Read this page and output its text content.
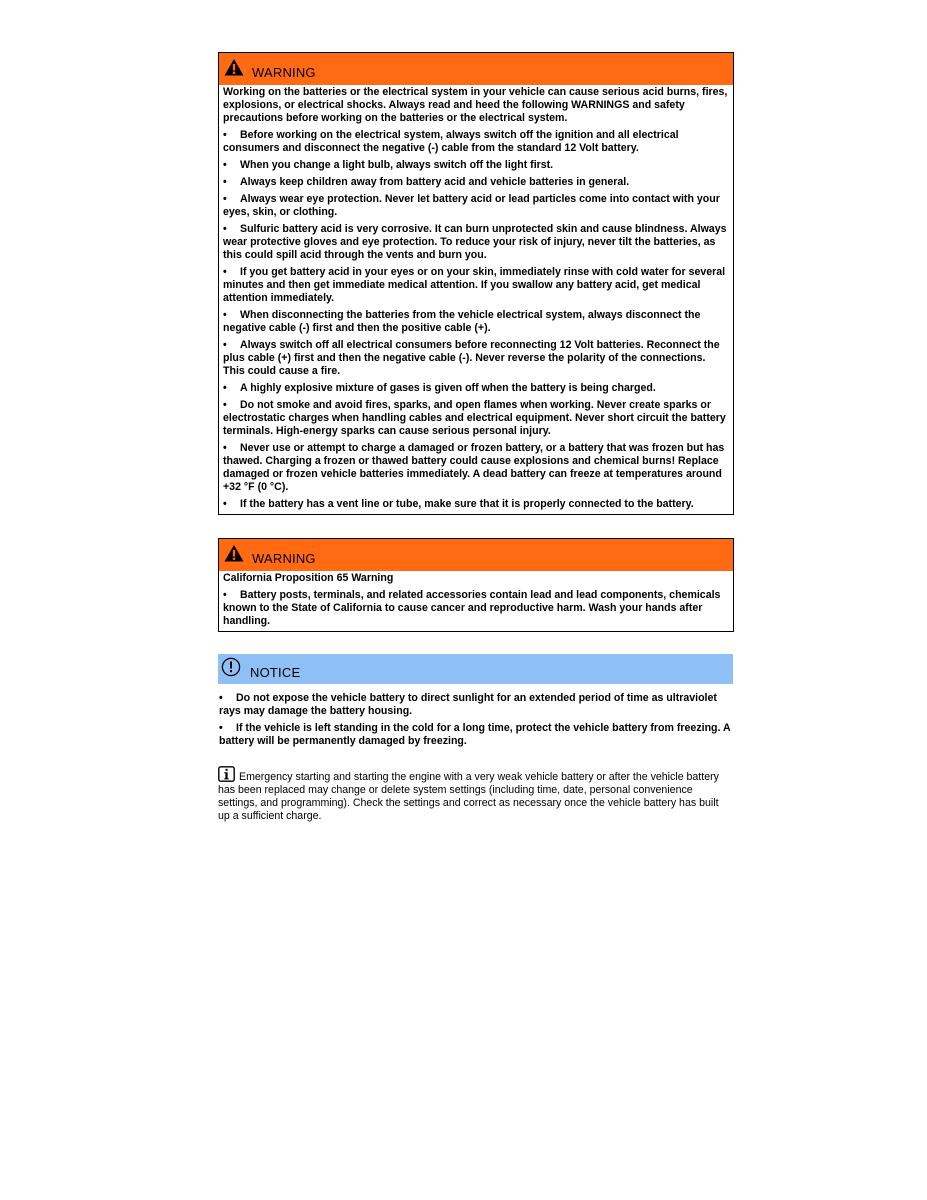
WARNING

Working on the batteries or the electrical system in your vehicle can cause serious acid burns, fires, explosions, or electrical shocks. Always read and heed the following WARNINGS and safety precautions before working on the batteries or the electrical system.

• Before working on the electrical system, always switch off the ignition and all electrical consumers and disconnect the negative (-) cable from the standard 12 Volt battery.

• When you change a light bulb, always switch off the light first.

• Always keep children away from battery acid and vehicle batteries in general.

• Always wear eye protection. Never let battery acid or lead particles come into contact with your eyes, skin, or clothing.

• Sulfuric battery acid is very corrosive. It can burn unprotected skin and cause blindness. Always wear protective gloves and eye protection. To reduce your risk of injury, never tilt the batteries, as this could spill acid through the vents and burn you.

• If you get battery acid in your eyes or on your skin, immediately rinse with cold water for several minutes and then get immediate medical attention. If you swallow any battery acid, get medical attention immediately.

• When disconnecting the batteries from the vehicle electrical system, always disconnect the negative cable (-) first and then the positive cable (+).

• Always switch off all electrical consumers before reconnecting 12 Volt batteries. Reconnect the plus cable (+) first and then the negative cable (-). Never reverse the polarity of the connections. This could cause a fire.

• A highly explosive mixture of gases is given off when the battery is being charged.

• Do not smoke and avoid fires, sparks, and open flames when working. Never create sparks or electrostatic charges when handling cables and electrical equipment. Never short circuit the battery terminals. High-energy sparks can cause serious personal injury.

• Never use or attempt to charge a damaged or frozen battery, or a battery that was frozen but has thawed. Charging a frozen or thawed battery could cause explosions and chemical burns! Replace damaged or frozen vehicle batteries immediately. A dead battery can freeze at temperatures around +32 °F (0 °C).

• If the battery has a vent line or tube, make sure that it is properly connected to the battery.

WARNING

California Proposition 65 Warning

• Battery posts, terminals, and related accessories contain lead and lead components, chemicals known to the State of California to cause cancer and reproductive harm. Wash your hands after handling.

NOTICE

• Do not expose the vehicle battery to direct sunlight for an extended period of time as ultraviolet rays may damage the battery housing.

• If the vehicle is left standing in the cold for a long time, protect the vehicle battery from freezing. A battery will be permanently damaged by freezing.

Emergency starting and starting the engine with a very weak vehicle battery or after the vehicle battery has been replaced may change or delete system settings (including time, date, personal convenience settings, and programming). Check the settings and correct as necessary once the vehicle battery has built up a sufficient charge.
